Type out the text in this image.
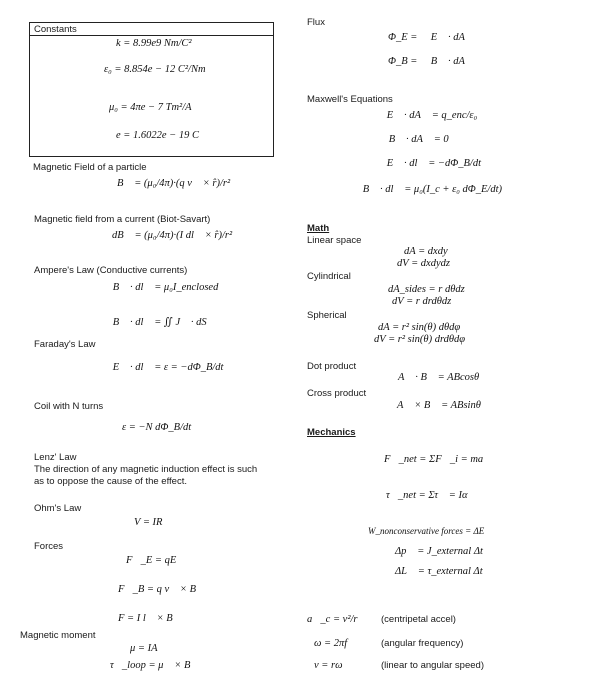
Constants
k = 8.99e9 Nm/C²
ε₀ = 8.854e − 12 C²/Nm
μ₀ = 4πe − 7 Tm²/A
e = 1.6022e − 19 C
Magnetic Field of a particle
B⃗ = (μ₀/4π)·(q v⃗ × r̂)/r²
Magnetic field from a current (Biot-Savart)
dB⃗ = (μ₀/4π)·(I dl⃗ × r̂)/r²
Ampere's Law (Conductive currents)
∮ B⃗ · dl⃗ = μ₀I_enclosed
∮ B⃗ · dl⃗ = ∬ J⃗ · dS⃗
Faraday's Law
∮ E⃗ · dl⃗ = ε = −dΦ_B/dt
Coil with N turns
ε = −N dΦ_B/dt
Lenz' Law
The direction of any magnetic induction effect is such
as to oppose the cause of the effect.
Ohm's Law
V = IR
Forces
F⃗_E = qE⃗
F⃗_B = q v⃗ × B⃗
F = I l⃗ × B⃗
Magnetic moment
μ = IA
τ⃗_loop = μ⃗ × B⃗
Flux
Φ_E = ∮ E⃗ · dA⃗
Φ_B = ∮ B⃗ · dA⃗
Maxwell's Equations
∮ E⃗ · dA⃗ = q_enc/ε₀
∮ B⃗ · dA⃗ = 0
∮ E⃗ · dl⃗ = −dΦ_B/dt
∮ B⃗ · dl⃗ = μ₀(I_c + ε₀ dΦ_E/dt)
Math
Linear space
dA = dxdy
dV = dxdydz
Cylindrical
dA_sides = r dθdz
dV = r drdθdz
Spherical
dA = r² sin(θ) dθdφ
dV = r² sin(θ) drdθdφ
Dot product
A⃗ · B⃗ = ABcosθ
Cross product
A⃗ × B⃗ = ABsinθ
Mechanics
F⃗_net = ΣF⃗_i = ma⃗
τ⃗_net = Στ⃗ = Iα⃗
W_nonconservative forces = ΔE
Δp⃗ = J_external Δt
ΔL⃗ = τ_external Δt
a⃗_c = v²/r (centripetal accel)
ω = 2πf	(angular frequency)
v = rω	(linear to angular speed)
